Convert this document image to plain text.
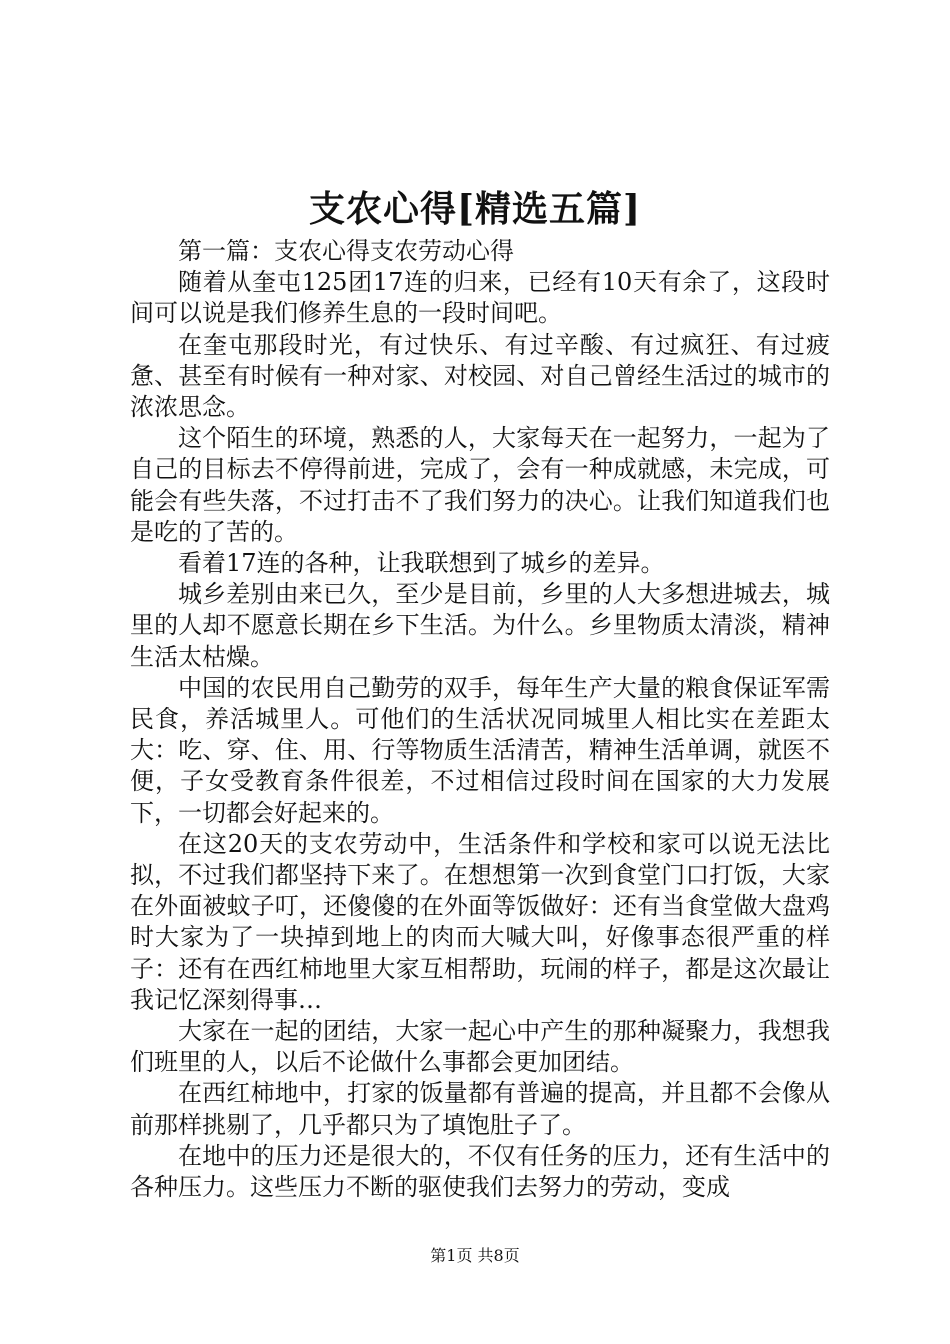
支农心得[精选五篇]

第一篇：支农心得支农劳动心得

随着从奎屯125团17连的归来，已经有10天有余了，这段时间可以说是我们修养生息的一段时间吧。

在奎屯那段时光，有过快乐、有过辛酸、有过疯狂、有过疲惫、甚至有时候有一种对家、对校园、对自己曾经生活过的城市的浓浓思念。

这个陌生的环境，熟悉的人，大家每天在一起努力，一起为了自己的目标去不停得前进，完成了，会有一种成就感，未完成，可能会有些失落，不过打击不了我们努力的决心。让我们知道我们也是吃的了苦的。

看着17连的各种，让我联想到了城乡的差异。

城乡差别由来已久，至少是目前，乡里的人大多想进城去，城里的人却不愿意长期在乡下生活。为什么。乡里物质太清淡，精神生活太枯燥。

中国的农民用自己勤劳的双手，每年生产大量的粮食保证军需民食，养活城里人。可他们的生活状况同城里人相比实在差距太大：吃、穿、住、用、行等物质生活清苦，精神生活单调，就医不便，子女受教育条件很差，不过相信过段时间在国家的大力发展下，一切都会好起来的。

在这20天的支农劳动中，生活条件和学校和家可以说无法比拟，不过我们都坚持下来了。在想想第一次到食堂门口打饭，大家在外面被蚊子叮，还傻傻的在外面等饭做好：还有当食堂做大盘鸡时大家为了一块掉到地上的肉而大喊大叫，好像事态很严重的样子：还有在西红柿地里大家互相帮助，玩闹的样子，都是这次最让我记忆深刻得事…

大家在一起的团结，大家一起心中产生的那种凝聚力，我想我们班里的人，以后不论做什么事都会更加团结。

在西红柿地中，打家的饭量都有普遍的提高，并且都不会像从前那样挑剔了，几乎都只为了填饱肚子了。

在地中的压力还是很大的，不仅有任务的压力，还有生活中的各种压力。这些压力不断的驱使我们去努力的劳动，变成

第1页 共8页
